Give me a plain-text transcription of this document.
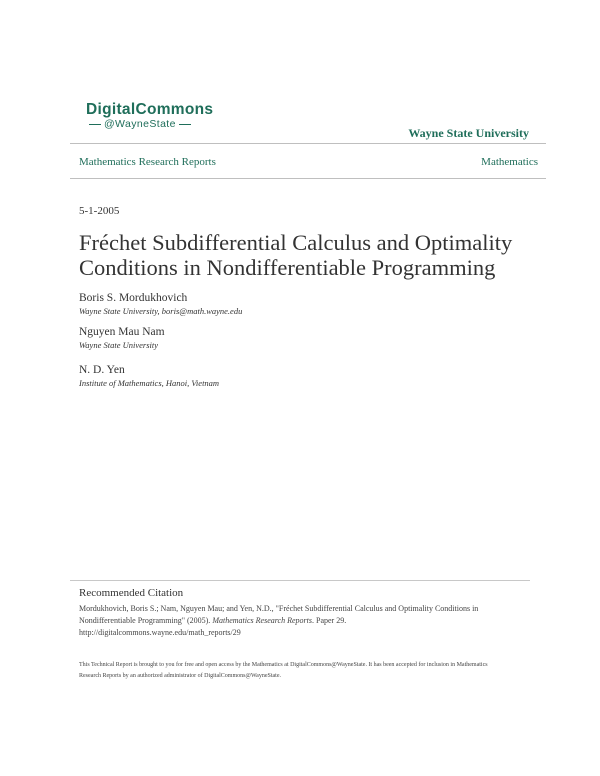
DigitalCommons
@WayneState
Wayne State University
Mathematics Research Reports	Mathematics
5-1-2005
Fréchet Subdifferential Calculus and Optimality Conditions in Nondifferentiable Programming
Boris S. Mordukhovich
Wayne State University, boris@math.wayne.edu
Nguyen Mau Nam
Wayne State University
N. D. Yen
Institute of Mathematics, Hanoi, Vietnam
Recommended Citation
Mordukhovich, Boris S.; Nam, Nguyen Mau; and Yen, N.D., "Fréchet Subdifferential Calculus and Optimality Conditions in Nondifferentiable Programming" (2005). Mathematics Research Reports. Paper 29.
http://digitalcommons.wayne.edu/math_reports/29
This Technical Report is brought to you for free and open access by the Mathematics at DigitalCommons@WayneState. It has been accepted for inclusion in Mathematics Research Reports by an authorized administrator of DigitalCommons@WayneState.
